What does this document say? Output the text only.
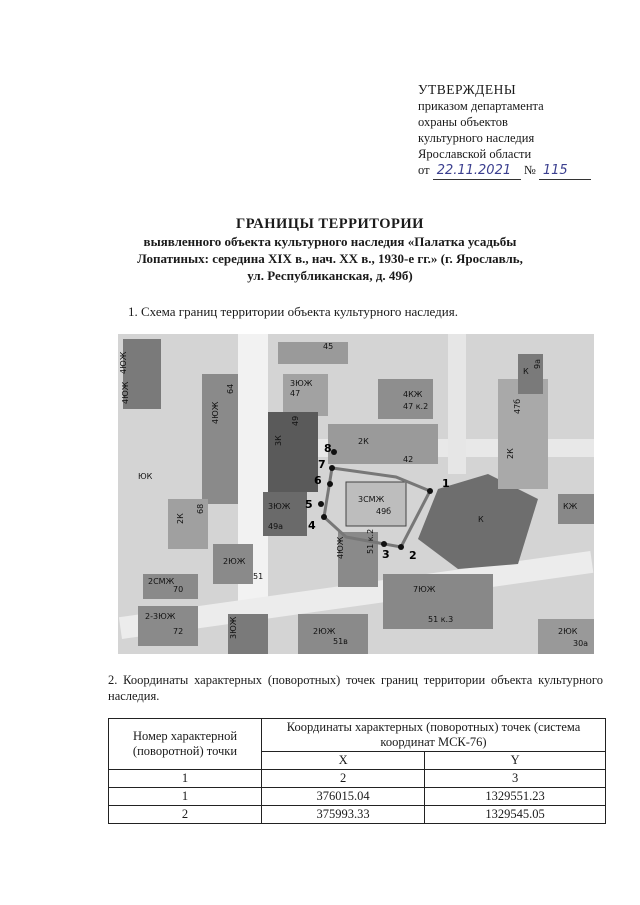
УТВЕРЖДЕНЫ
приказом департамента
охраны объектов
культурного наследия
Ярославской области
от 22.11.2021 № 115
ГРАНИЦЫ ТЕРРИТОРИИ
выявленного объекта культурного наследия «Палатка усадьбы
Лопатиных: середина XIX в., нач. XX в., 1930-е гг.» (г. Ярославль,
ул. Республиканская, д. 49б)
1. Схема границ территории объекта культурного наследия.
1
2
3
4
5
6
7
8
4ЮЖ
45
3ЮЖ
47	4КЖ
47 к.2
2К
42
3К
49
3СМЖ
49б
К
3ЮЖ
49а
2К
68
2СМЖ
70
2-3ЮЖ
72
2ЮЖ
51
4ЮЖ	51 к.2
7ЮЖ
51 к.3
3ЮЖ	2ЮЖ
51в
2ЮК
30а
К
9а
47б
2К
КЖ
ЮК
4ЮЖ
64
4ЮЖ
2. Координаты характерных (поворотных) точек границ территории объекта культурного наследия.
Номер характерной (поворотной) точки	Координаты характерных (поворотных) точек (система координат МСК-76)	
	X	Y
1	2	3
1	376015.04	1329551.23
2	375993.33	1329545.05
